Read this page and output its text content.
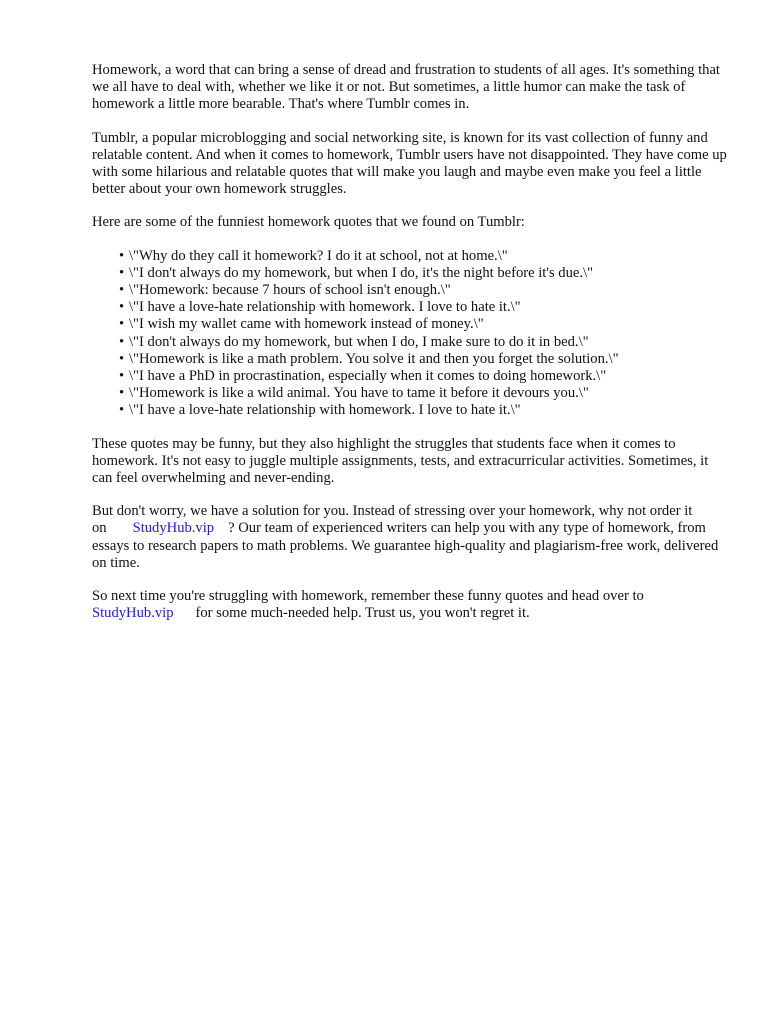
Homework, a word that can bring a sense of dread and frustration to students of all ages. It's something that we all have to deal with, whether we like it or not. But sometimes, a little humor can make the task of homework a little more bearable. That's where Tumblr comes in.

Tumblr, a popular microblogging and social networking site, is known for its vast collection of funny and relatable content. And when it comes to homework, Tumblr users have not disappointed. They have come up with some hilarious and relatable quotes that will make you laugh and maybe even make you feel a little better about your own homework struggles.

Here are some of the funniest homework quotes that we found on Tumblr:

• \"Why do they call it homework? I do it at school, not at home.\"
• \"I don't always do my homework, but when I do, it's the night before it's due.\"
• \"Homework: because 7 hours of school isn't enough.\"
• \"I have a love-hate relationship with homework. I love to hate it.\"
• \"I wish my wallet came with homework instead of money.\"
• \"I don't always do my homework, but when I do, I make sure to do it in bed.\"
• \"Homework is like a math problem. You solve it and then you forget the solution.\"
• \"I have a PhD in procrastination, especially when it comes to doing homework.\"
• \"Homework is like a wild animal. You have to tame it before it devours you.\"
• \"I have a love-hate relationship with homework. I love to hate it.\"

These quotes may be funny, but they also highlight the struggles that students face when it comes to homework. It's not easy to juggle multiple assignments, tests, and extracurricular activities. Sometimes, it can feel overwhelming and never-ending.

But don't worry, we have a solution for you. Instead of stressing over your homework, why not order it on StudyHub.vip ? Our team of experienced writers can help you with any type of homework, from essays to research papers to math problems. We guarantee high-quality and plagiarism-free work, delivered on time.

So next time you're struggling with homework, remember these funny quotes and head over to StudyHub.vip for some much-needed help. Trust us, you won't regret it.
